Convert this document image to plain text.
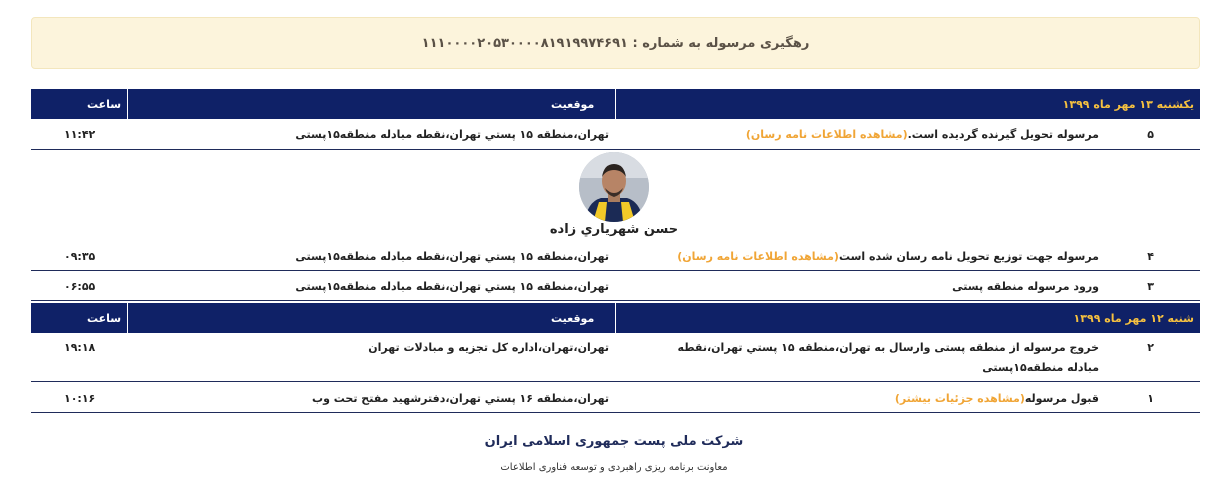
رهگیری مرسوله به شماره : ۱۱۱۰۰۰۰۲۰۵۳۰۰۰۰۸۱۹۱۹۹۷۴۶۹۱
یکشنبه ۱۳ مهر ماه ۱۳۹۹
موقعیت
ساعت
۵
مرسوله تحویل گیرنده گردیده است.(مشاهده اطلاعات نامه رسان)
تهران،منطقه ۱۵ پستي تهران،نقطه مبادله منطقه۱۵پستی
۱۱:۴۲
حسن شهرياري زاده
۴
مرسوله جهت توزیع تحویل نامه رسان شده است(مشاهده اطلاعات نامه رسان)
تهران،منطقه ۱۵ پستي تهران،نقطه مبادله منطقه۱۵پستی
۰۹:۳۵
۳
ورود مرسوله منطقه پستی
تهران،منطقه ۱۵ پستي تهران،نقطه مبادله منطقه۱۵پستی
۰۶:۵۵
شنبه ۱۲ مهر ماه ۱۳۹۹
موقعیت
ساعت
۲
خروج مرسوله از منطقه پستی وارسال به تهران،منطقه ۱۵ پستي تهران،نقطه مبادله منطقه۱۵پستی
تهران،تهران،اداره کل تجزیه و مبادلات تهران
۱۹:۱۸
۱
قبول مرسوله(مشاهده جزئیات بیشتر)
تهران،منطقه ۱۶ پستي تهران،دفترشهید مفتح تحت وب
۱۰:۱۶
شرکت ملی پست جمهوری اسلامی ایران
معاونت برنامه ریزی راهبردی و توسعه فناوری اطلاعات
